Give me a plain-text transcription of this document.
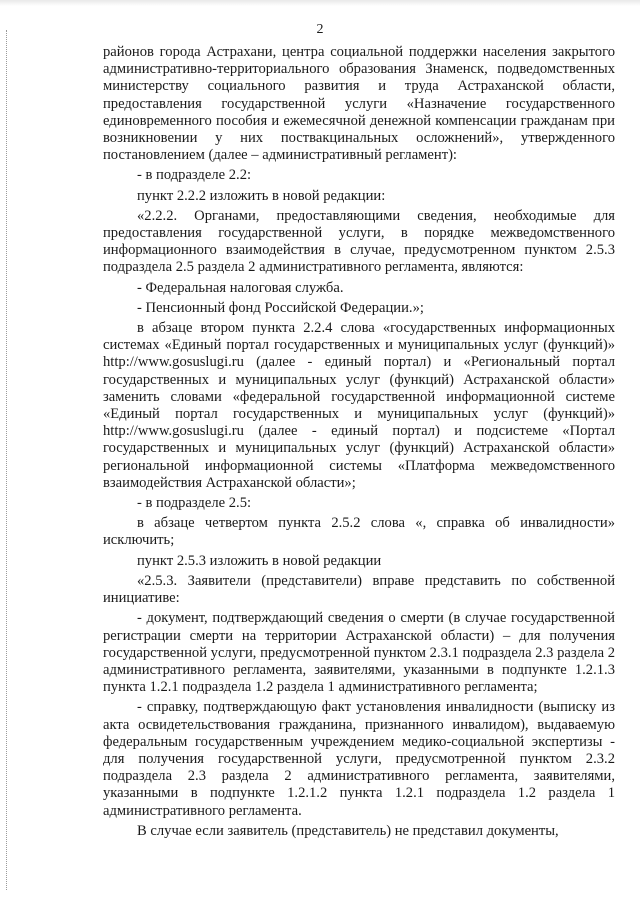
2

районов города Астрахани, центра социальной поддержки населения закрытого административно-территориального образования Знаменск, подведомственных министерству социального развития и труда Астраханской области, предоставления государственной услуги «Назначение государственного единовременного пособия и ежемесячной денежной компенсации гражданам при возникновении у них поствакцинальных осложнений», утвержденного постановлением (далее – административный регламент):

- в подразделе 2.2:

пункт 2.2.2 изложить в новой редакции:

«2.2.2. Органами, предоставляющими сведения, необходимые для предоставления государственной услуги, в порядке межведомственного информационного взаимодействия в случае, предусмотренном пунктом 2.5.3 подраздела 2.5 раздела 2 административного регламента, являются:

- Федеральная налоговая служба.

- Пенсионный фонд Российской Федерации.»;

в абзаце втором пункта 2.2.4 слова «государственных информационных системах «Единый портал государственных и муниципальных услуг (функций)» http://www.gosuslugi.ru (далее - единый портал) и «Региональный портал государственных и муниципальных услуг (функций) Астраханской области» заменить словами «федеральной государственной информационной системе «Единый портал государственных и муниципальных услуг (функций)» http://www.gosuslugi.ru (далее - единый портал) и подсистеме «Портал государственных и муниципальных услуг (функций) Астраханской области» региональной информационной системы «Платформа межведомственного взаимодействия Астраханской области»;

- в подразделе 2.5:

в абзаце четвертом пункта 2.5.2 слова «, справка об инвалидности» исключить;

пункт 2.5.3 изложить в новой редакции

«2.5.3. Заявители (представители) вправе представить по собственной инициативе:

- документ, подтверждающий сведения о смерти (в случае государственной регистрации смерти на территории Астраханской области) – для получения государственной услуги, предусмотренной пунктом 2.3.1 подраздела 2.3 раздела 2 административного регламента, заявителями, указанными в подпункте 1.2.1.3 пункта 1.2.1 подраздела 1.2 раздела 1 административного регламента;

- справку, подтверждающую факт установления инвалидности (выписку из акта освидетельствования гражданина, признанного инвалидом), выдаваемую федеральным государственным учреждением медико-социальной экспертизы - для получения государственной услуги, предусмотренной пунктом 2.3.2 подраздела 2.3 раздела 2 административного регламента, заявителями, указанными в подпункте 1.2.1.2 пункта 1.2.1 подраздела 1.2 раздела 1 административного регламента.

В случае если заявитель (представитель) не представил документы,
